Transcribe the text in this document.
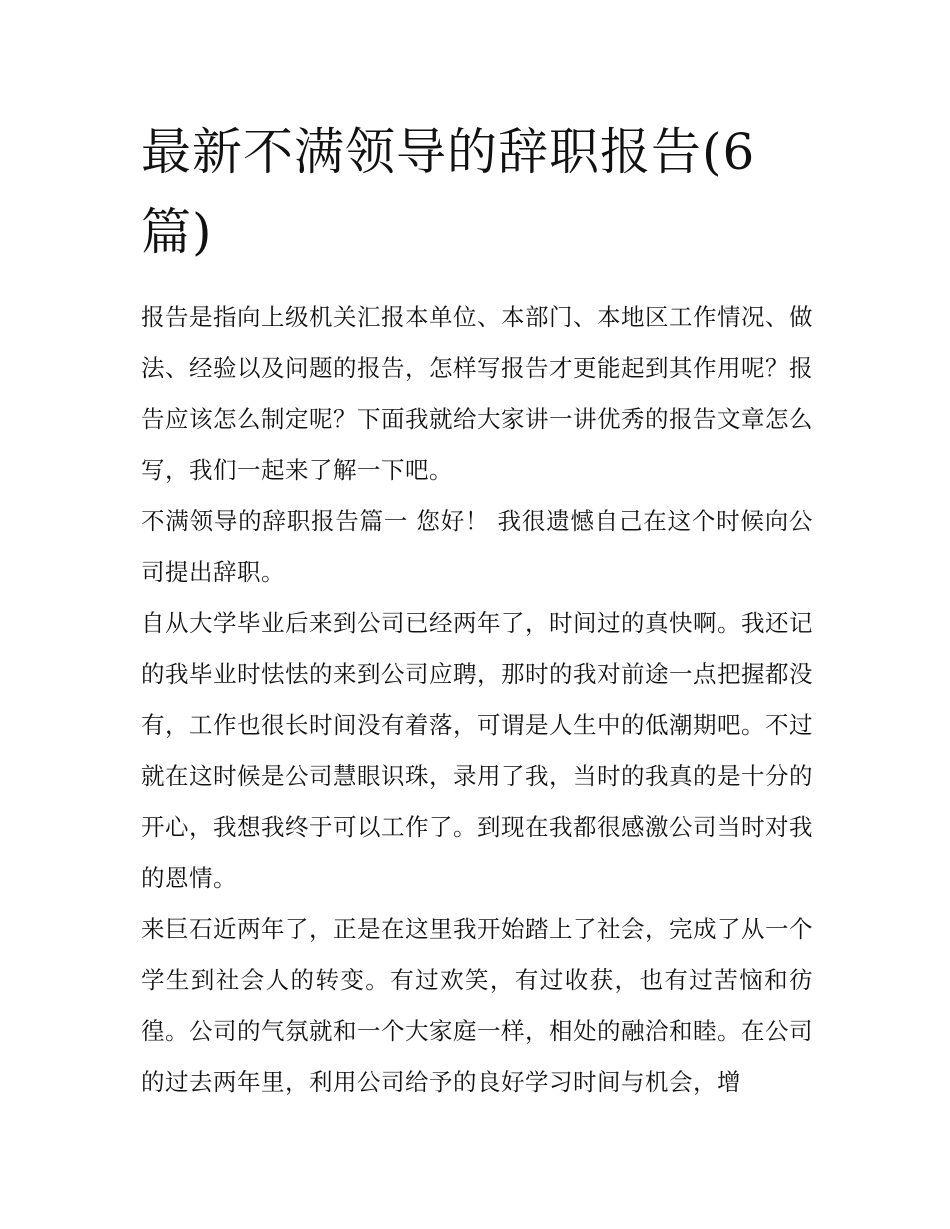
最新不满领导的辞职报告(6篇)

报告是指向上级机关汇报本单位、本部门、本地区工作情况、做法、经验以及问题的报告，怎样写报告才更能起到其作用呢？报告应该怎么制定呢？下面我就给大家讲一讲优秀的报告文章怎么写，我们一起来了解一下吧。

不满领导的辞职报告篇一 您好！ 我很遗憾自己在这个时候向公司提出辞职。

自从大学毕业后来到公司已经两年了，时间过的真快啊。我还记的我毕业时怯怯的来到公司应聘，那时的我对前途一点把握都没有，工作也很长时间没有着落，可谓是人生中的低潮期吧。不过就在这时候是公司慧眼识珠，录用了我，当时的我真的是十分的开心，我想我终于可以工作了。到现在我都很感激公司当时对我的恩情。

来巨石近两年了，正是在这里我开始踏上了社会，完成了从一个学生到社会人的转变。有过欢笑，有过收获，也有过苦恼和彷徨。公司的气氛就和一个大家庭一样，相处的融洽和睦。在公司的过去两年里，利用公司给予的良好学习时间与机会，增
